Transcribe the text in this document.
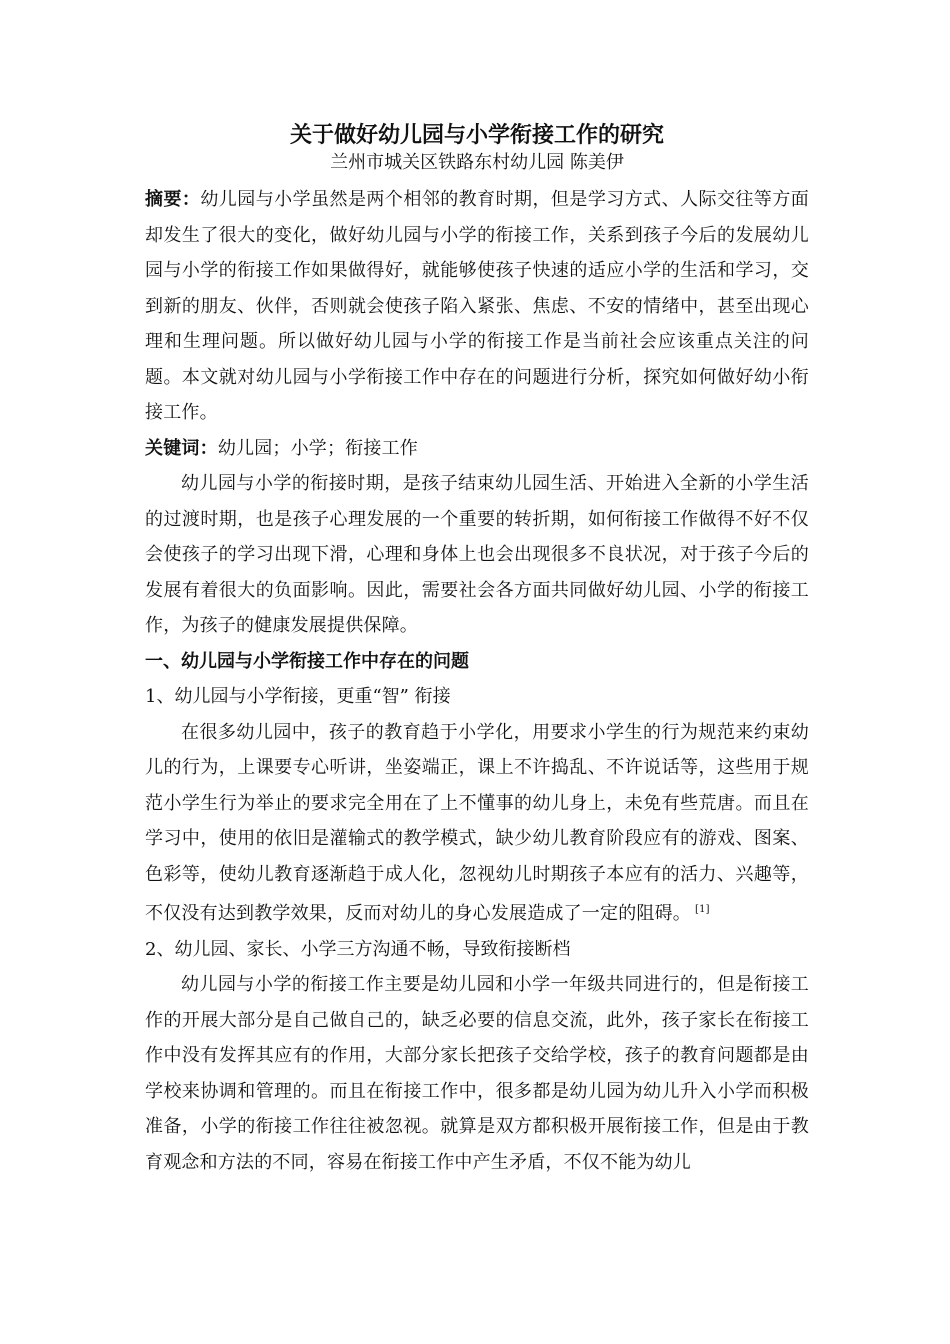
关于做好幼儿园与小学衔接工作的研究

兰州市城关区铁路东村幼儿园 陈美伊

摘要：幼儿园与小学虽然是两个相邻的教育时期，但是学习方式、人际交往等方面却发生了很大的变化，做好幼儿园与小学的衔接工作，关系到孩子今后的发展幼儿园与小学的衔接工作如果做得好，就能够使孩子快速的适应小学的生活和学习，交到新的朋友、伙伴，否则就会使孩子陷入紧张、焦虑、不安的情绪中，甚至出现心理和生理问题。所以做好幼儿园与小学的衔接工作是当前社会应该重点关注的问题。本文就对幼儿园与小学衔接工作中存在的问题进行分析，探究如何做好幼小衔接工作。

关键词：幼儿园；小学；衔接工作

幼儿园与小学的衔接时期，是孩子结束幼儿园生活、开始进入全新的小学生活的过渡时期，也是孩子心理发展的一个重要的转折期，如何衔接工作做得不好不仅会使孩子的学习出现下滑，心理和身体上也会出现很多不良状况，对于孩子今后的发展有着很大的负面影响。因此，需要社会各方面共同做好幼儿园、小学的衔接工作，为孩子的健康发展提供保障。

一、幼儿园与小学衔接工作中存在的问题

1、幼儿园与小学衔接，更重“智” 衔接

在很多幼儿园中，孩子的教育趋于小学化，用要求小学生的行为规范来约束幼儿的行为，上课要专心听讲，坐姿端正，课上不许捣乱、不许说话等，这些用于规范小学生行为举止的要求完全用在了上不懂事的幼儿身上，未免有些荒唐。而且在学习中，使用的依旧是灌输式的教学模式，缺少幼儿教育阶段应有的游戏、图案、色彩等，使幼儿教育逐渐趋于成人化，忽视幼儿时期孩子本应有的活力、兴趣等，不仅没有达到教学效果，反而对幼儿的身心发展造成了一定的阻碍。 [1]

2、幼儿园、家长、小学三方沟通不畅，导致衔接断档

幼儿园与小学的衔接工作主要是幼儿园和小学一年级共同进行的，但是衔接工作的开展大部分是自己做自己的，缺乏必要的信息交流，此外，孩子家长在衔接工作中没有发挥其应有的作用，大部分家长把孩子交给学校，孩子的教育问题都是由学校来协调和管理的。而且在衔接工作中，很多都是幼儿园为幼儿升入小学而积极准备，小学的衔接工作往往被忽视。就算是双方都积极开展衔接工作，但是由于教育观念和方法的不同，容易在衔接工作中产生矛盾，不仅不能为幼儿
